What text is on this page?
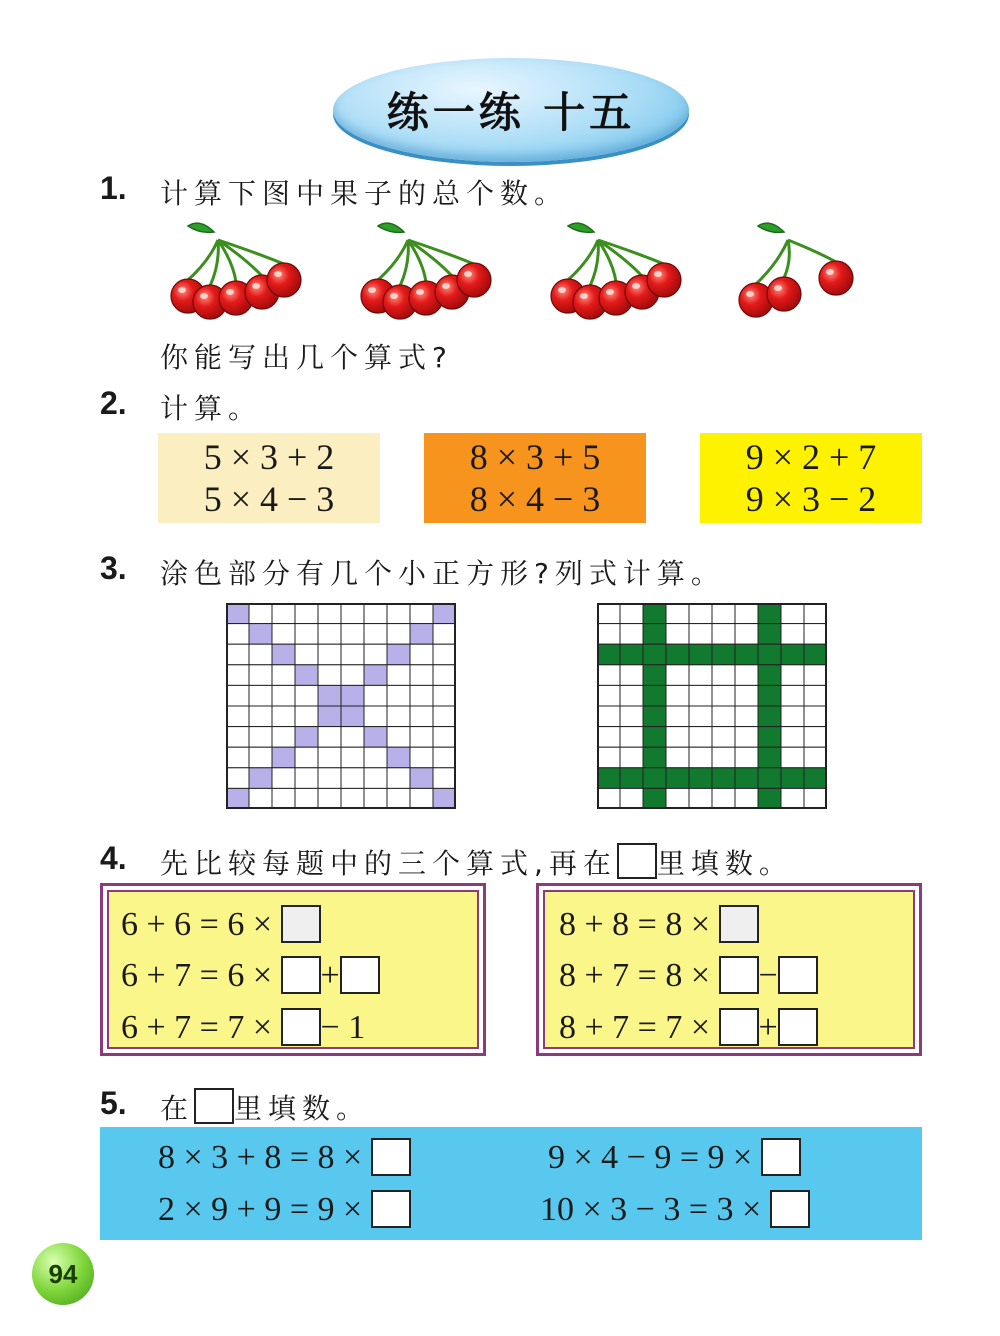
练一练 十五
1. 计算下图中果子的总个数。
你能写出几个算式?
2. 计算。
5 × 3 + 2
5 × 4 − 3
8 × 3 + 5
8 × 4 − 3
9 × 2 + 7
9 × 3 − 2
3. 涂色部分有几个小正方形?列式计算。
4. 先比较每题中的三个算式,再在 里填数。
6 + 6 = 6 ×
6 + 7 = 6 × +
6 + 7 = 7 × − 1
8 + 8 = 8 ×
8 + 7 = 8 × −
8 + 7 = 7 × +
5. 在 里填数。
8 × 3 + 8 = 8 ×	9 × 4 − 9 = 9 ×
2 × 9 + 9 = 9 ×	10 × 3 − 3 = 3 ×
94
